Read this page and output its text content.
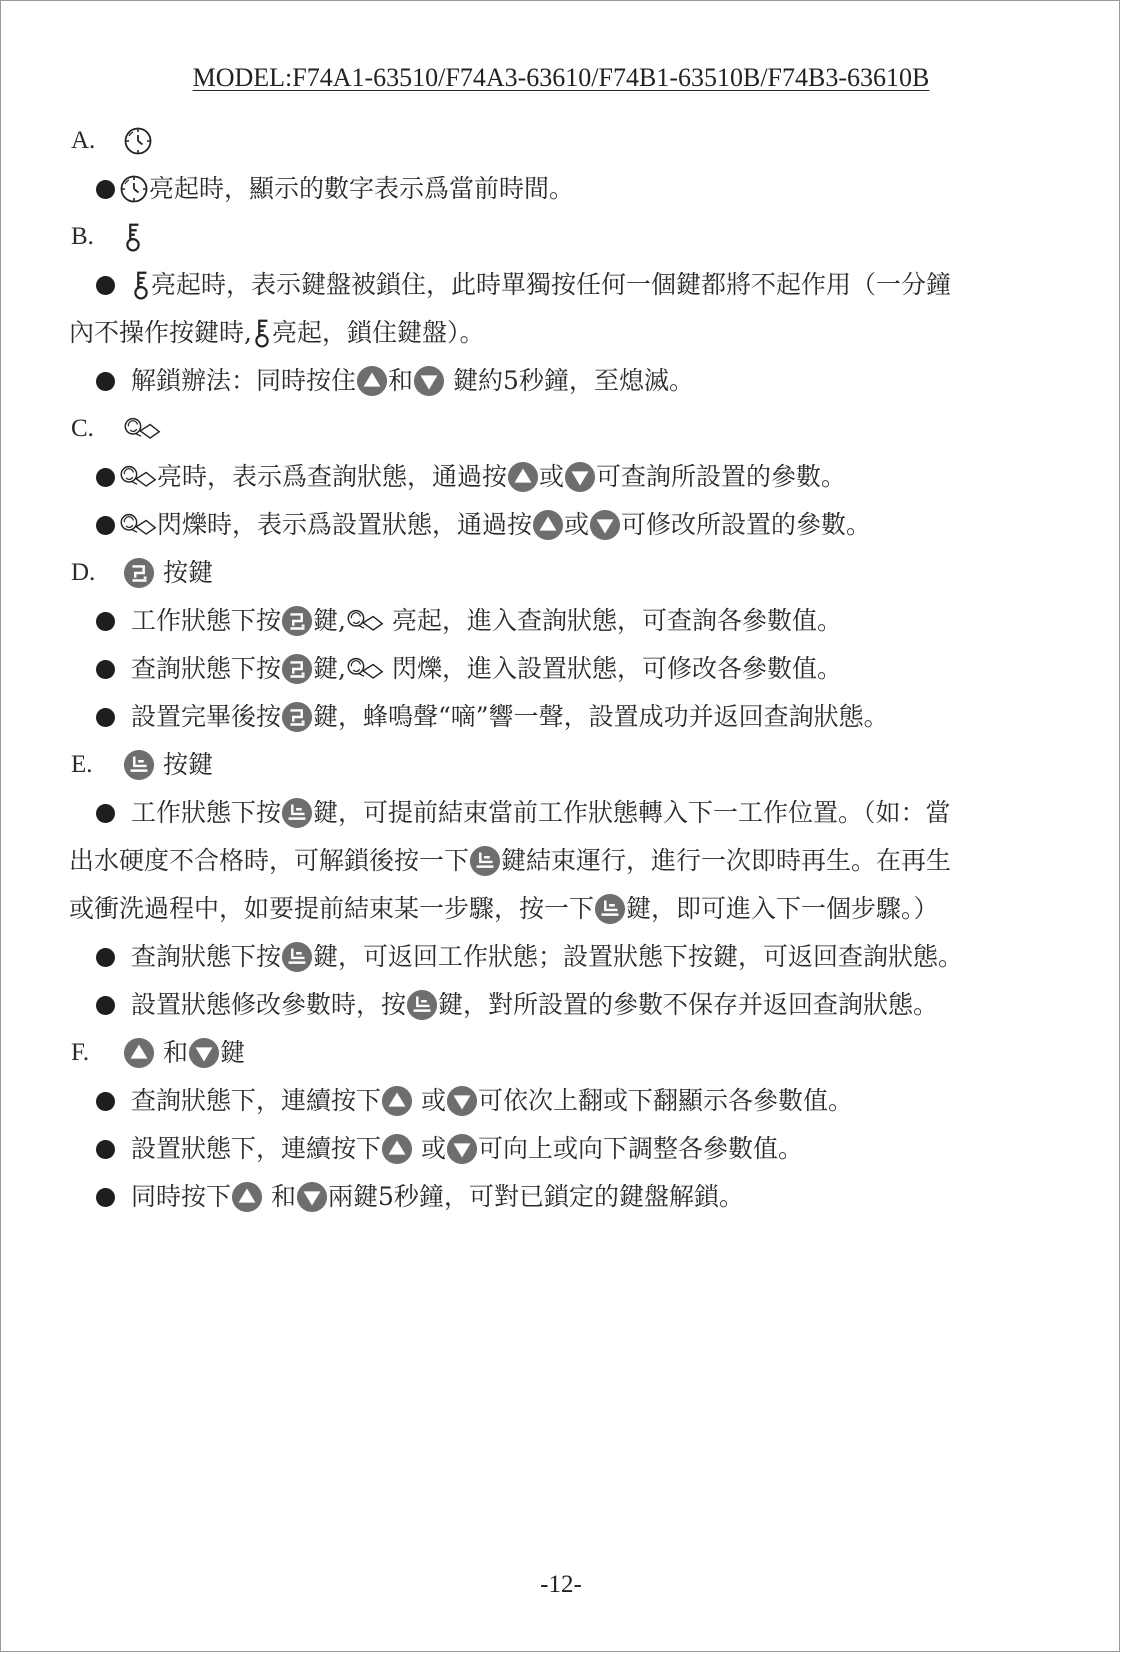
MODEL:F74A1-63510/F74A3-63610/F74B1-63510B/F74B3-63610B
A.
亮起時，顯示的數字表示爲當前時間。
B.
亮起時，表示鍵盤被鎖住，此時單獨按任何一個鍵都將不起作用（一分鐘
內不操作按鍵時, 亮起，鎖住鍵盤）。
解鎖辦法：同時按住 和 鍵約5秒鐘，至熄滅。
C.
亮時，表示爲查詢狀態，通過按 或 可查詢所設置的參數。
閃爍時，表示爲設置狀態，通過按 或 可修改所設置的參數。
D.	按鍵
工作狀態下按 鍵, 亮起，進入查詢狀態，可查詢各參數值。
查詢狀態下按 鍵, 閃爍，進入設置狀態，可修改各參數值。
設置完畢後按 鍵，蜂鳴聲“嘀”響一聲，設置成功并返回查詢狀態。
E.	按鍵
工作狀態下按 鍵，可提前結束當前工作狀態轉入下一工作位置。（如：當
出水硬度不合格時，可解鎖後按一下 鍵結束運行，進行一次即時再生。在再生
或衝洗過程中，如要提前結束某一步驟，按一下 鍵，即可進入下一個步驟。）
查詢狀態下按 鍵，可返回工作狀態；設置狀態下按鍵，可返回查詢狀態。
設置狀態修改參數時，按 鍵，對所設置的參數不保存并返回查詢狀態。
F.	和 鍵
查詢狀態下，連續按下 或 可依次上翻或下翻顯示各參數值。
設置狀態下，連續按下 或 可向上或向下調整各參數值。
同時按下 和 兩鍵5秒鐘，可對已鎖定的鍵盤解鎖。
-12-
